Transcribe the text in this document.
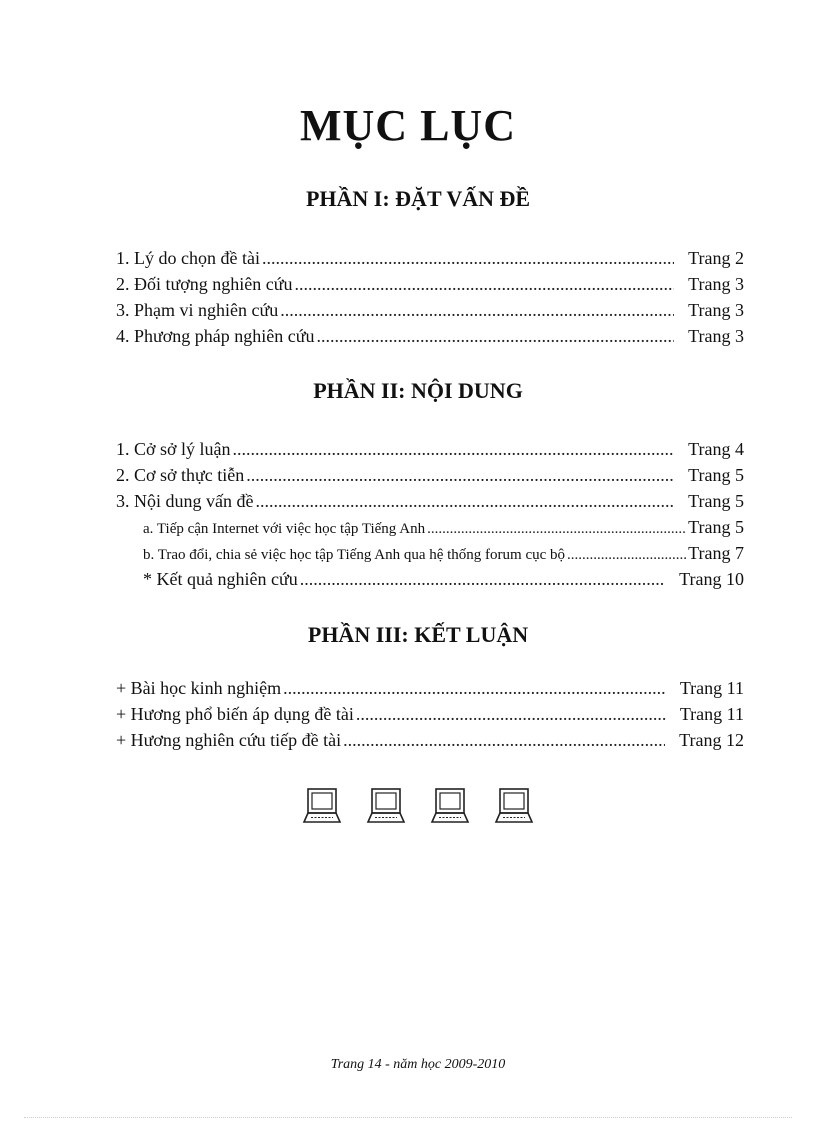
MỤC LỤC
PHẦN I: ĐẶT VẤN ĐỀ
1. Lý do chọn đề tài .....	Trang 2
2. Đối tượng nghiên cứu .....	Trang 3
3. Phạm vi nghiên cứu .....	Trang 3
4. Phương pháp nghiên cứu .....	Trang 3
PHẦN II: NỘI DUNG
1. Cở sở lý luận .....	Trang 4
2. Cơ sở thực tiễn .....	Trang 5
3. Nội dung vấn đề .....	Trang 5
a. Tiếp cận Internet với việc học tập Tiếng Anh .....	Trang 5
b. Trao đổi, chia sẻ việc học tập Tiếng Anh qua hệ thống forum cục bộ .....	Trang 7
* Kết quả nghiên cứu .....	Trang 10
PHẦN III: KẾT LUẬN
+ Bài học kinh nghiệm .....	Trang 11
+ Hương phổ biến áp dụng đề tài .....	Trang 11
+ Hương nghiên cứu tiếp đề tài .....	Trang 12
Trang 14 - năm học 2009-2010
